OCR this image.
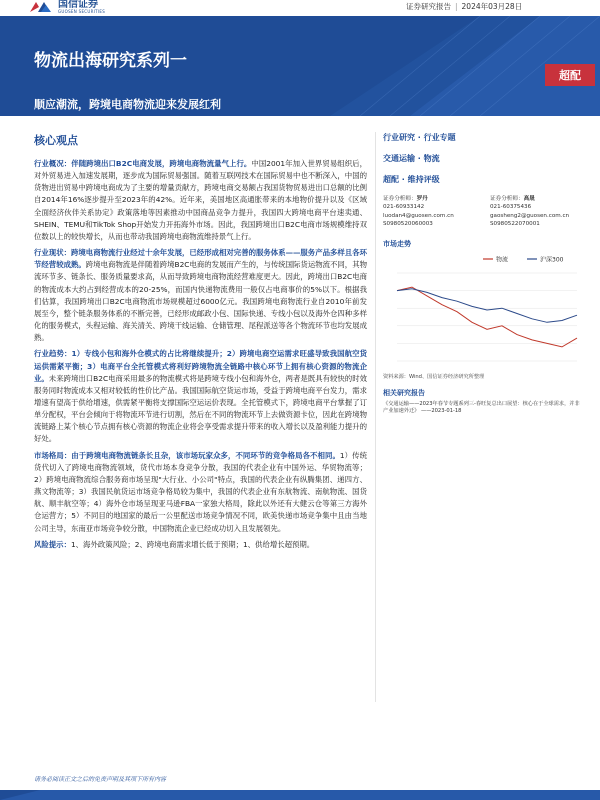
国信证券
GUOSEN SECURITIES
证券研究报告 | 2024年03月28日
物流出海研究系列一
顺应潮流，跨境电商物流迎来发展红利
超配
核心观点

行业概况：伴随跨境出口B2C电商发展，跨境电商物流量气上行。中国2001年加入世界贸易组织后，对外贸易进入加速发展期，逐步成为国际贸易强国。随着互联网技术在国际贸易中也不断深入，中国的货物进出贸易中跨境电商成为了主要的增量贡献方，跨境电商交易额占我国货物贸易进出口总额的比例自2014年16%逐步提升至2023年的42%。近年来，美国地区高通胀带来的本地物价提升以及《区域全面经济伙伴关系协定》政策落地等因素推动中国商品竞争力提升，我国四大跨境电商平台速卖通、SHEIN、TEMU和TikTok Shop开始发力开拓海外市场。因此，我国跨境出口B2C电商市场规模维持双位数以上的较快增长，从而也带动我国跨境电商物流维持景气上行。

行业现状：跨境电商物流行业经过十余年发展，已经形成相对完善的服务体系——服务产品多样且各环节经营较成熟。跨境电商物流是伴随着跨境B2C电商的发展而产生的，与传统国际货运物流不同，其物流环节多、链条长、服务质量要求高，从而导致跨境电商物流经营难度更大。因此，跨境出口B2C电商的物流成本大约占到经营成本的20-25%，而国内快递物流费用一般仅占电商事价的5%以下。根据我们估算，我国跨境出口B2C电商物流市场规模超过6000亿元。我国跨境电商物流行业自2010年前发展至今，整个链条服务体系的不断完善，已经形成邮政小包、国际快递、专线小包以及海外仓四种多样化的服务模式，头程运输、海关清关、跨境干线运输、仓储管理、尾程派送等各个物流环节也均发展成熟。

行业趋势：1）专线小包和海外仓模式的占比将继续提升；2）跨境电商空运需求旺盛导致我国航空货运供需紧平衡；3）电商平台全托管模式将利好跨境物流全链路中核心环节上拥有核心资源的物流企业。未来跨境出口B2C电商采用最多的物流模式将是跨境专线小包和海外仓，两者是既具有较快的时效服务同时物流成本又相对较低的性价比产品。我国国际航空货运市场，受益于跨境电商平台发力，需求增速有望高于供给增速，供需紧平衡将支撑国际空运运价表现。全托管模式下，跨境电商平台掌握了订单分配权，平台会倾向于将物流环节进行切割，然后在不同的物流环节上去做资源卡位，因此在跨境物流链路上某个核心节点拥有核心资源的物流企业将会享受需求提升带来的收入增长以及盈利能力提升的好处。

市场格局：由于跨境电商物流链条长且杂，该市场玩家众多，不同环节的竞争格局各不相同。1）传统货代切入了跨境电商物流领域，货代市场本身竞争分散，我国的代表企业有中国外运、华贸物流等；2）跨境电商物流综合服务商市场呈现"大行业、小公司"特点，我国的代表企业有纵腾集团、递四方、燕文物流等；3）我国民航货运市场竞争格局较为集中，我国的代表企业有东航物流、南航物流、国货航、顺丰航空等；4）海外仓市场呈现亚马逊FBA一家独大格局，除此以外还有大健云仓等第三方海外仓运营方；5）不同目的地国家的最后一公里配送市场竞争情况不同，欧美快递市场竞争集中且由当地公司主导，东南亚市场竞争较分散，中国物流企业已经成功切入且发展领先。

风险提示：1、海外政策风险；2、跨境电商需求增长低于预期；1、供给增长超预期。

行业研究 · 行业专题
交通运输 · 物流
超配 · 维持评级
证券分析师：罗丹
021-60933142
luodan4@guosen.com.cn
S0980520060003
证券分析师：高晟
021-60375436
gaosheng2@guosen.com.cn
S0980522070001
市场走势
物流	沪深300
资料来源：Wind、国信证券经济研究所整理
相关研究报告
《交通运输——2023年春节专题系列三-春旺复总出口展望：核心在于全球需求，并非产业加速外迁》 ——2023-01-18
请务必阅读正文之后的免责声明及其项下所有内容
